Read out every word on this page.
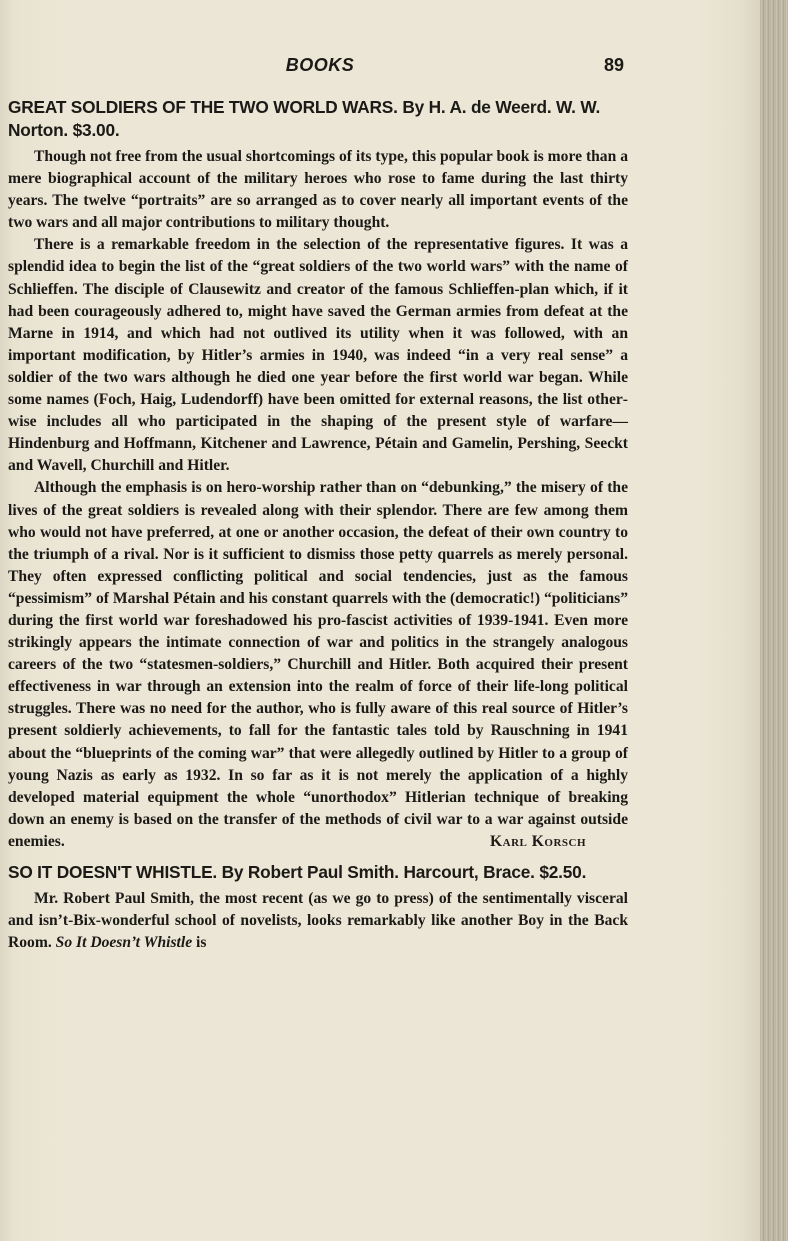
BOOKS	89
GREAT SOLDIERS OF THE TWO WORLD WARS. By H. A. de Weerd. W. W. Norton. $3.00.

Though not free from the usual shortcomings of its type, this popular book is more than a mere biographical account of the military heroes who rose to fame during the last thirty years. The twelve “portraits” are so arranged as to cover nearly all important events of the two wars and all major contributions to military thought.

There is a remarkable freedom in the selection of the representative figures. It was a splendid idea to begin the list of the “great soldiers of the two world wars” with the name of Schlieffen. The disciple of Clausewitz and creator of the famous Schlieffen-plan which, if it had been courageously adhered to, might have saved the German armies from defeat at the Marne in 1914, and which had not outlived its utility when it was followed, with an important modification, by Hitler’s armies in 1940, was indeed “in a very real sense” a soldier of the two wars although he died one year before the first world war began. While some names (Foch, Haig, Ludendorff) have been omitted for external reasons, the list otherwise includes all who participated in the shaping of the present style of warfare—Hindenburg and Hoffmann, Kitchener and Lawrence, Pétain and Gamelin, Pershing, Seeckt and Wavell, Churchill and Hitler.

Although the emphasis is on hero-worship rather than on “debunking,” the misery of the lives of the great soldiers is revealed along with their splendor. There are few among them who would not have preferred, at one or another occasion, the defeat of their own country to the triumph of a rival. Nor is it sufficient to dismiss those petty quarrels as merely personal. They often expressed conflicting political and social tendencies, just as the famous “pessimism” of Marshal Pétain and his constant quarrels with the (democratic!) “politicians” during the first world war foreshadowed his pro-fascist activities of 1939-1941. Even more strikingly appears the intimate connection of war and politics in the strangely analogous careers of the two “statesmen-soldiers,” Churchill and Hitler. Both acquired their present effectiveness in war through an extension into the realm of force of their life-long political struggles. There was no need for the author, who is fully aware of this real source of Hitler’s present soldierly achievements, to fall for the fantastic tales told by Rauschning in 1941 about the “blueprints of the coming war” that were allegedly outlined by Hitler to a group of young Nazis as early as 1932. In so far as it is not merely the application of a highly developed material equipment the whole “unorthodox” Hitlerian technique of breaking down an enemy is based on the transfer of the methods of civil war to a war against outside enemies.	Karl Korsch
SO IT DOESN'T WHISTLE. By Robert Paul Smith. Harcourt, Brace. $2.50.

Mr. Robert Paul Smith, the most recent (as we go to press) of the sentimentally visceral and isn’t-Bix-wonderful school of novelists, looks remarkably like another Boy in the Back Room. So It Doesn’t Whistle is
